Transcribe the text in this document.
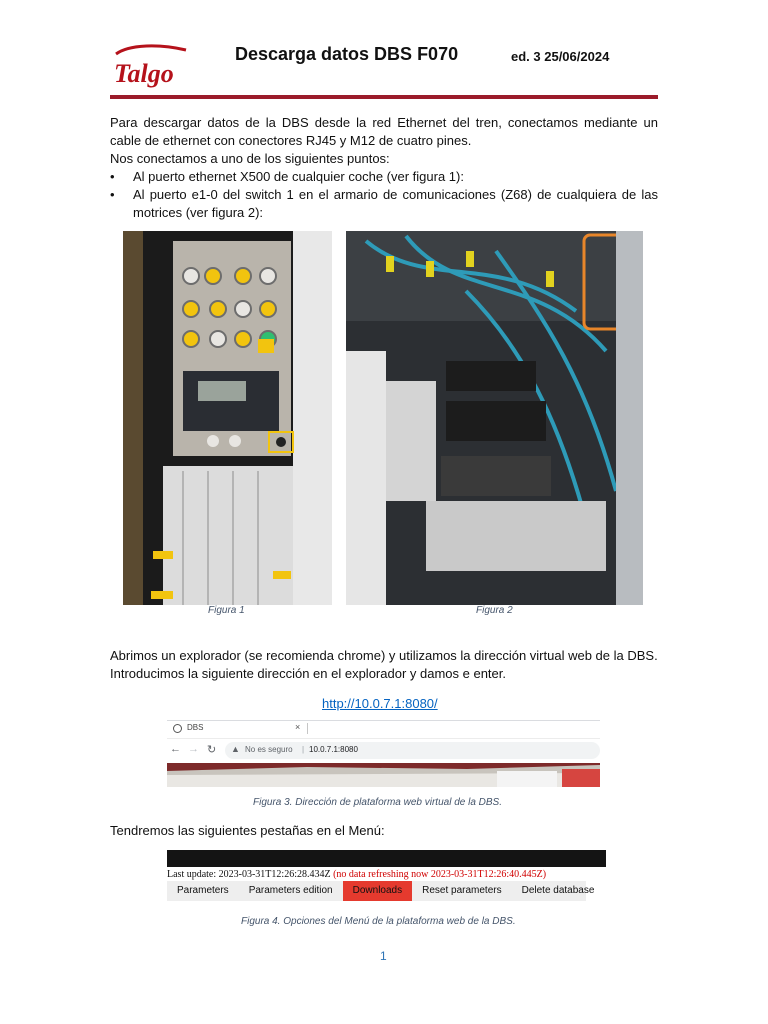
Talgo
Descarga datos DBS F070	ed. 3 25/06/2024

Para descargar datos de la DBS desde la red Ethernet del tren, conectamos mediante un cable de ethernet con conectores RJ45 y M12 de cuatro pines.

Nos conectamos a uno de los siguientes puntos:

• Al puerto ethernet X500 de cualquier coche (ver figura 1):
• Al puerto e1-0 del switch 1 en el armario de comunicaciones (Z68) de cualquiera de las motrices (ver figura 2):
Figura 1	Figura 2

Abrimos un explorador (se recomienda chrome) y utilizamos la dirección virtual web de la DBS.

Introducimos la siguiente dirección en el explorador y damos e enter.

http://10.0.7.1:8080/
DBS	×
← → ↻ ▲ No es seguro | 10.0.7.1:8080
Figura 3. Dirección de plataforma web virtual de la DBS.
Tendremos las siguientes pestañas en el Menú:
Last update: 2023-03-31T12:26:28.434Z (no data refreshing now 2023-03-31T12:26:40.445Z)
Parameters	Parameters edition	Downloads	Reset parameters	Delete database
Figura 4. Opciones del Menú de la plataforma web de la DBS.
1
